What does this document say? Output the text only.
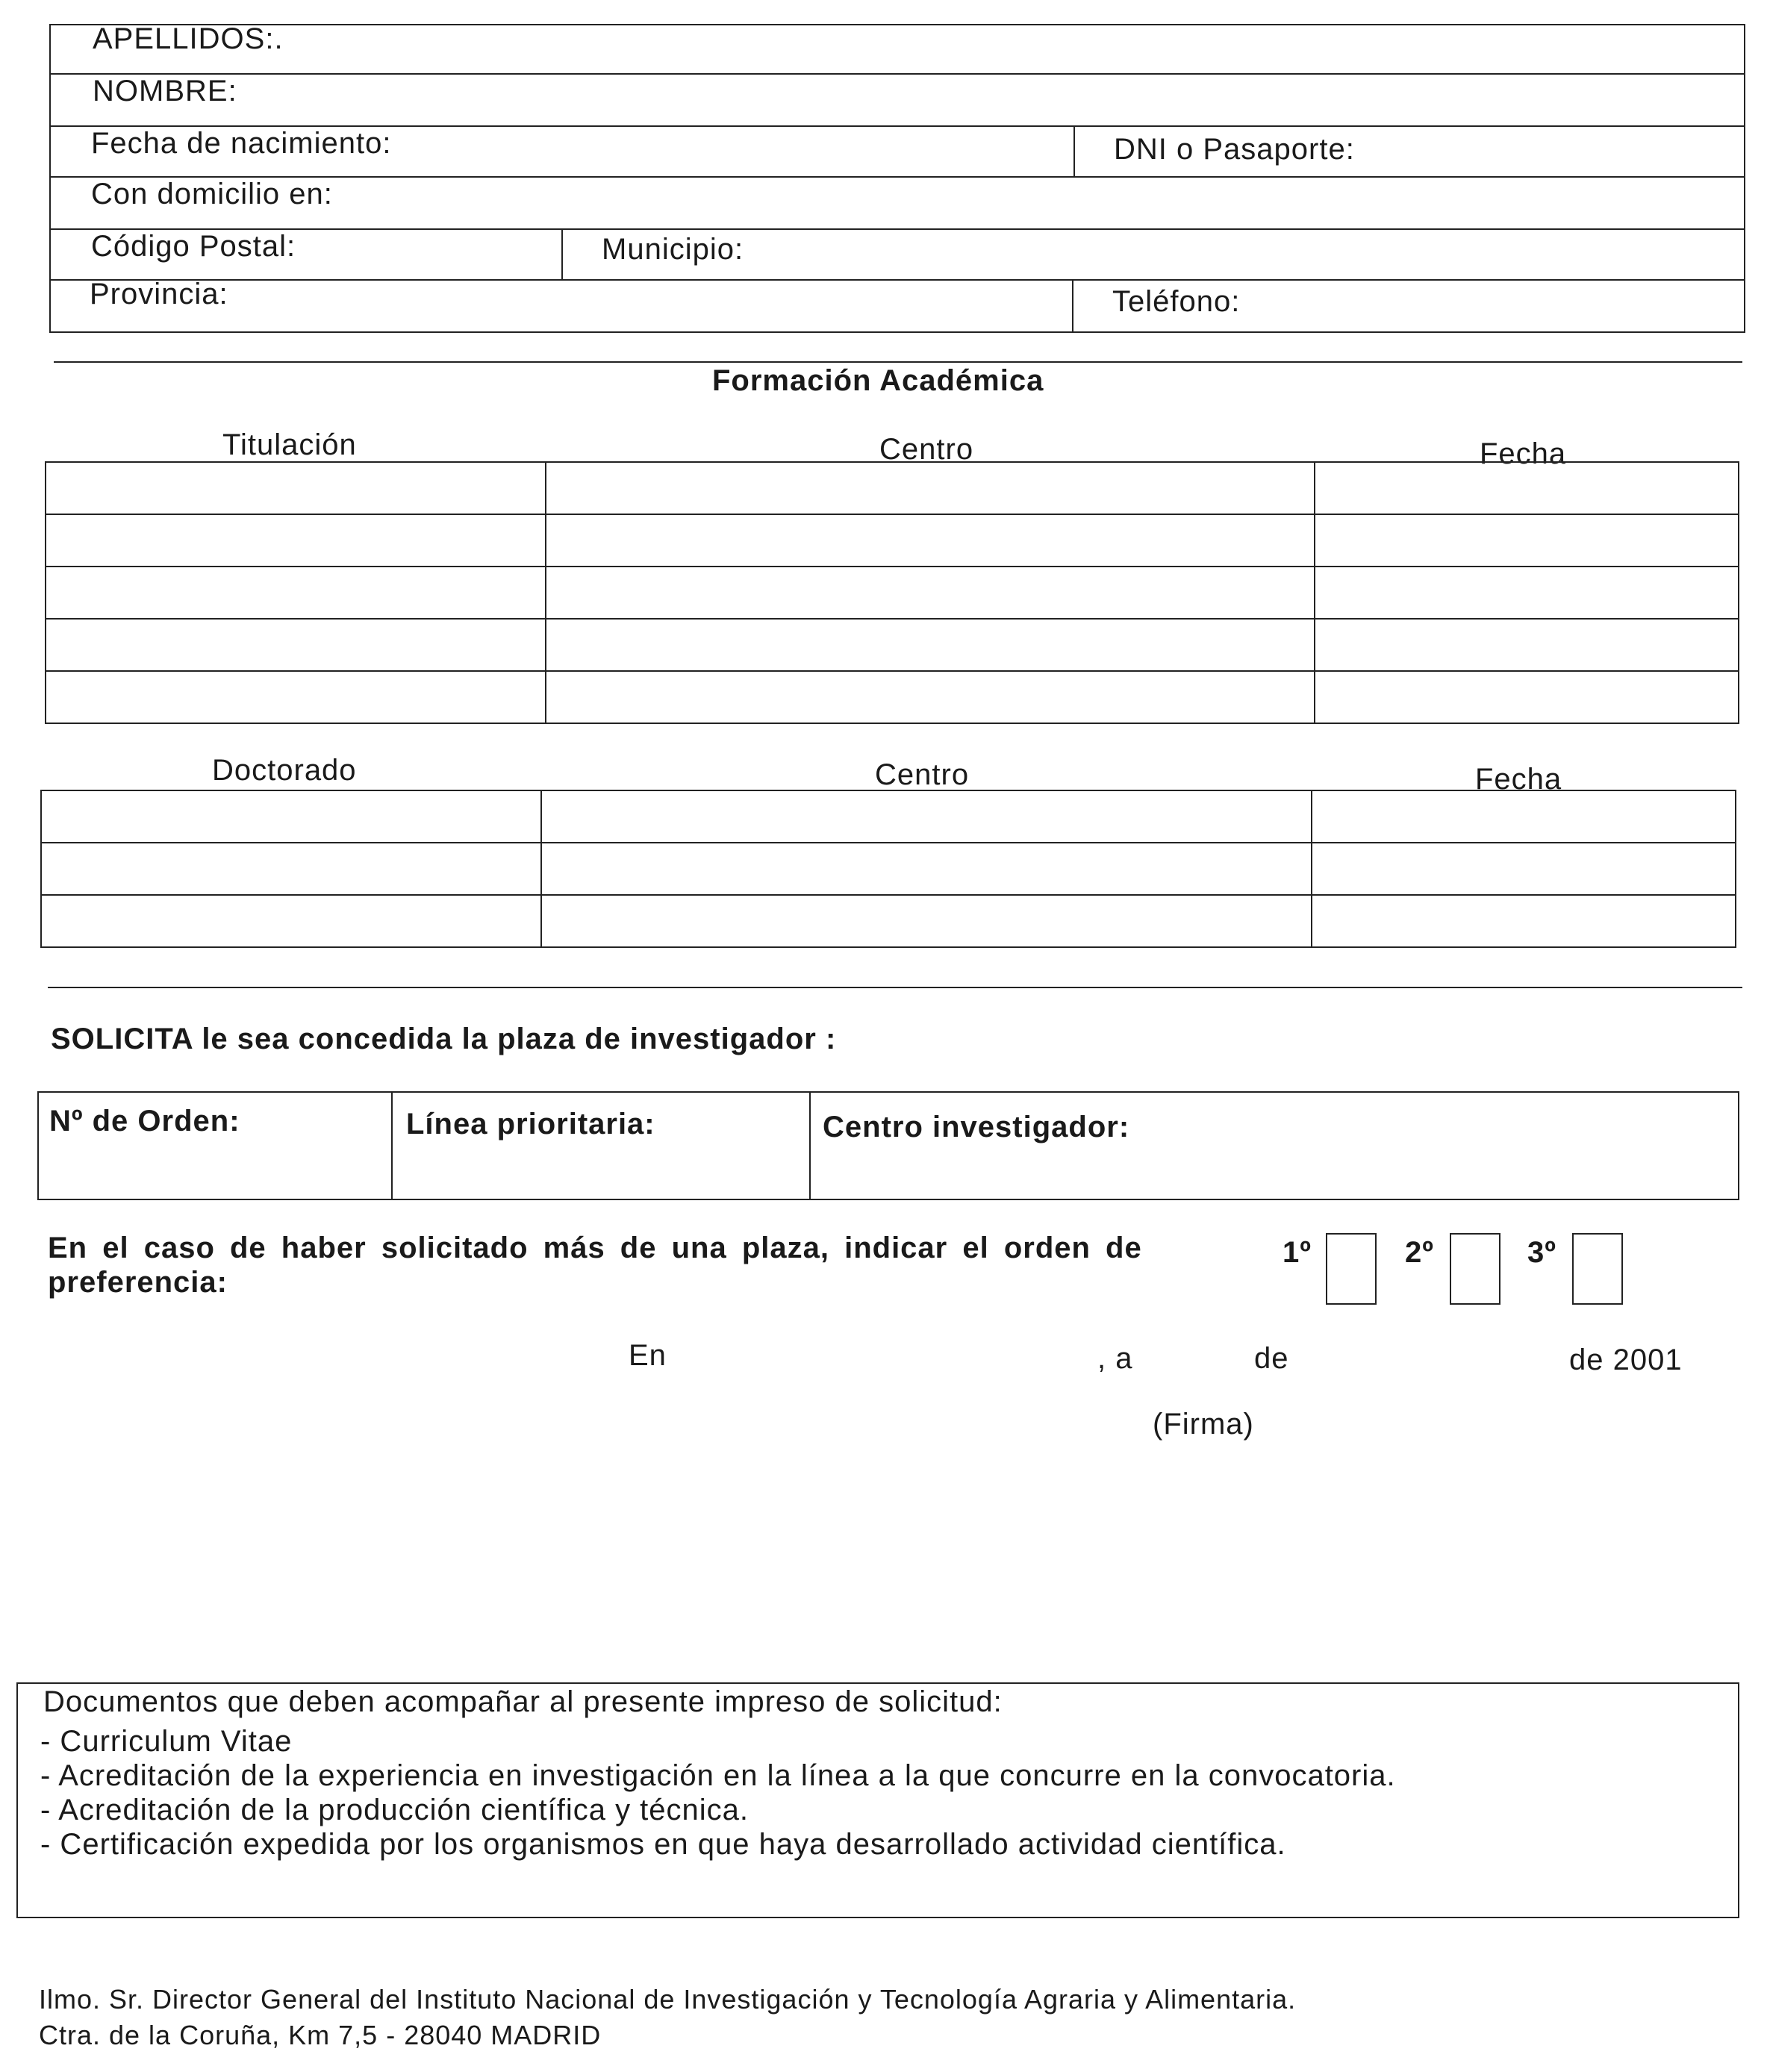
APELLIDOS:.
NOMBRE:
Fecha de nacimiento:	DNI o Pasaporte:
Con domicilio en:
Código Postal:	Municipio:
Provincia:	Teléfono:
Formación Académica
Titulación	Centro	Fecha

Doctorado	Centro	Fecha

SOLICITA le sea concedida la plaza de investigador :
Nº de Orden:	Línea prioritaria:	Centro investigador:
En el caso de haber solicitado más de una plaza, indicar el orden de
preferencia:
1º	2º	3º
En	, a	de	de 2001
(Firma)
Documentos que deben acompañar al presente impreso de solicitud:
- Curriculum Vitae
- Acreditación de la experiencia en investigación en la línea a la que concurre en la convocatoria.
- Acreditación de la producción científica y técnica.
- Certificación expedida por los organismos en que haya desarrollado actividad científica.
Ilmo. Sr. Director General del Instituto Nacional de Investigación y Tecnología Agraria y Alimentaria.
Ctra. de la Coruña, Km 7,5 - 28040 MADRID
